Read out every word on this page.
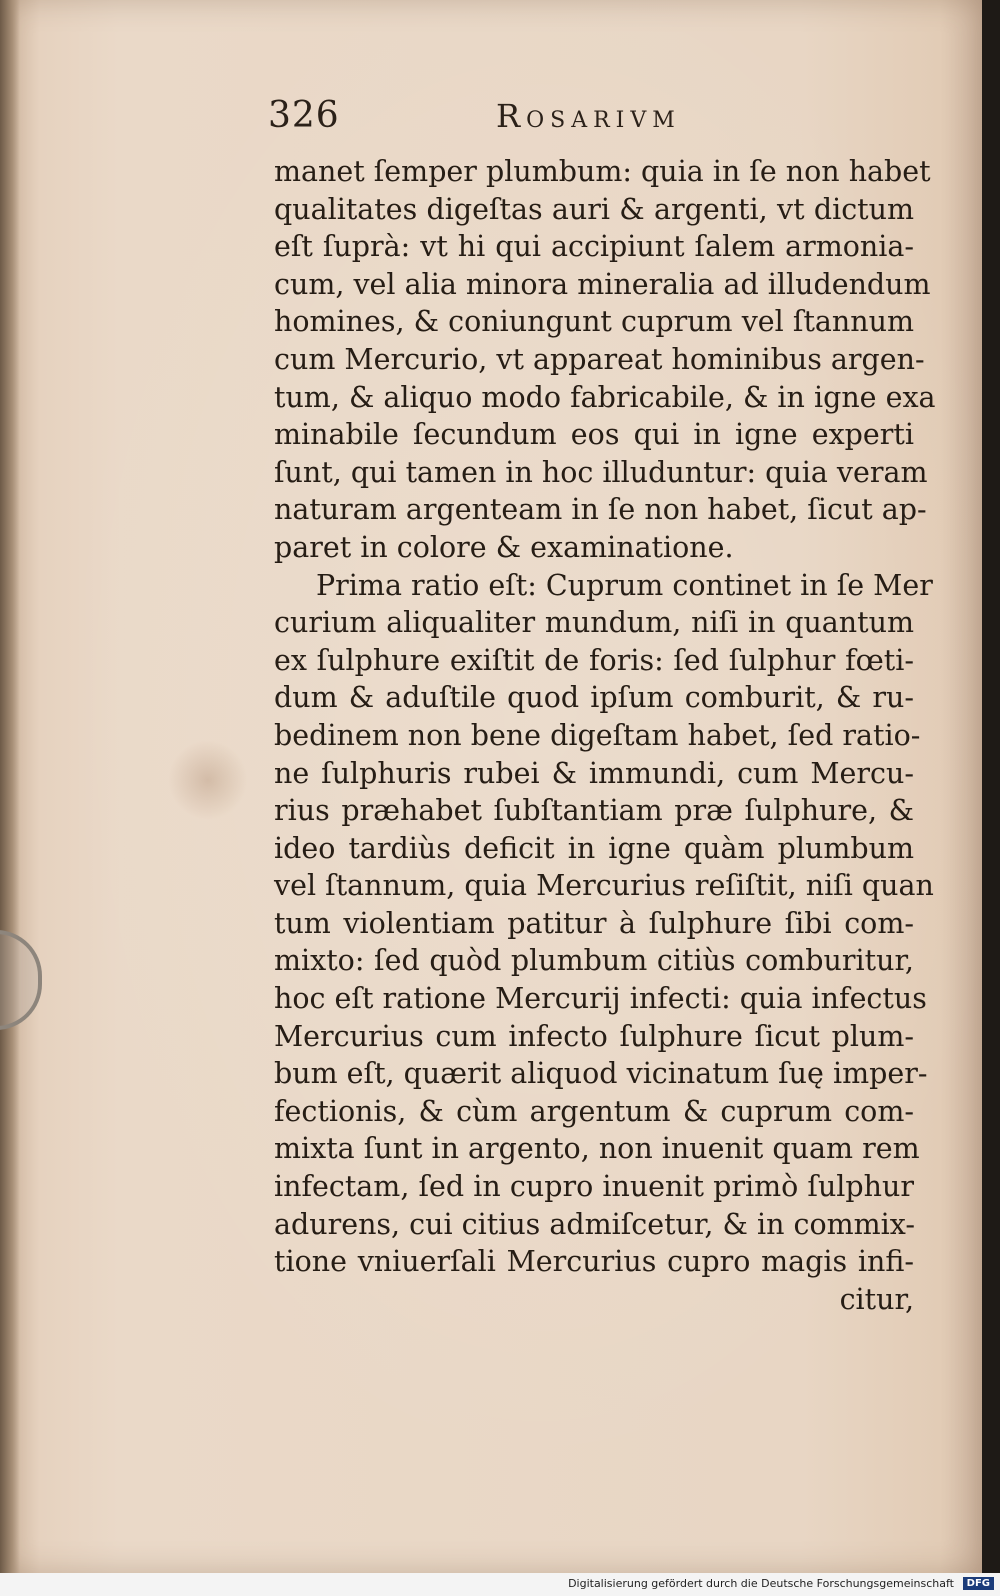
326	Rosarivm
manet ſemper plumbum: quia in ſe non habet
qualitates digeſtas auri & argenti, vt dictum
eſt ſuprà: vt hi qui accipiunt ſalem armonia-
cum, vel alia minora mineralia ad illudendum
homines, & coniungunt cuprum vel ſtannum
cum Mercurio, vt appareat hominibus argen-
tum, & aliquo modo fabricabile, & in igne exa
minabile ſecundum eos qui in igne experti
ſunt, qui tamen in hoc illuduntur: quia veram
naturam argenteam in ſe non habet, ſicut ap-
paret in colore & examinatione.
Prima ratio eſt: Cuprum continet in ſe Mer
curium aliqualiter mundum, niſi in quantum
ex ſulphure exiſtit de foris: ſed ſulphur fœti-
dum & aduſtile quod ipſum comburit, & ru-
bedinem non bene digeſtam habet, ſed ratio-
ne ſulphuris rubei & immundi, cum Mercu-
rius præhabet ſubſtantiam præ ſulphure, &
ideo tardiùs deficit in igne quàm plumbum
vel ſtannum, quia Mercurius reſiſtit, niſi quan
tum violentiam patitur à ſulphure ſibi com-
mixto: ſed quòd plumbum citiùs comburitur,
hoc eſt ratione Mercurij infecti: quia infectus
Mercurius cum infecto ſulphure ſicut plum-
bum eſt, quærit aliquod vicinatum ſuę imper-
fectionis, & cùm argentum & cuprum com-
mixta ſunt in argento, non inuenit quam rem
infectam, ſed in cupro inuenit primò ſulphur
adurens, cui citius admiſcetur, & in commix-
tione vniuerſali Mercurius cupro magis infi-
citur,
Digitalisierung gefördert durch die Deutsche Forschungsgemeinschaft	DFG
